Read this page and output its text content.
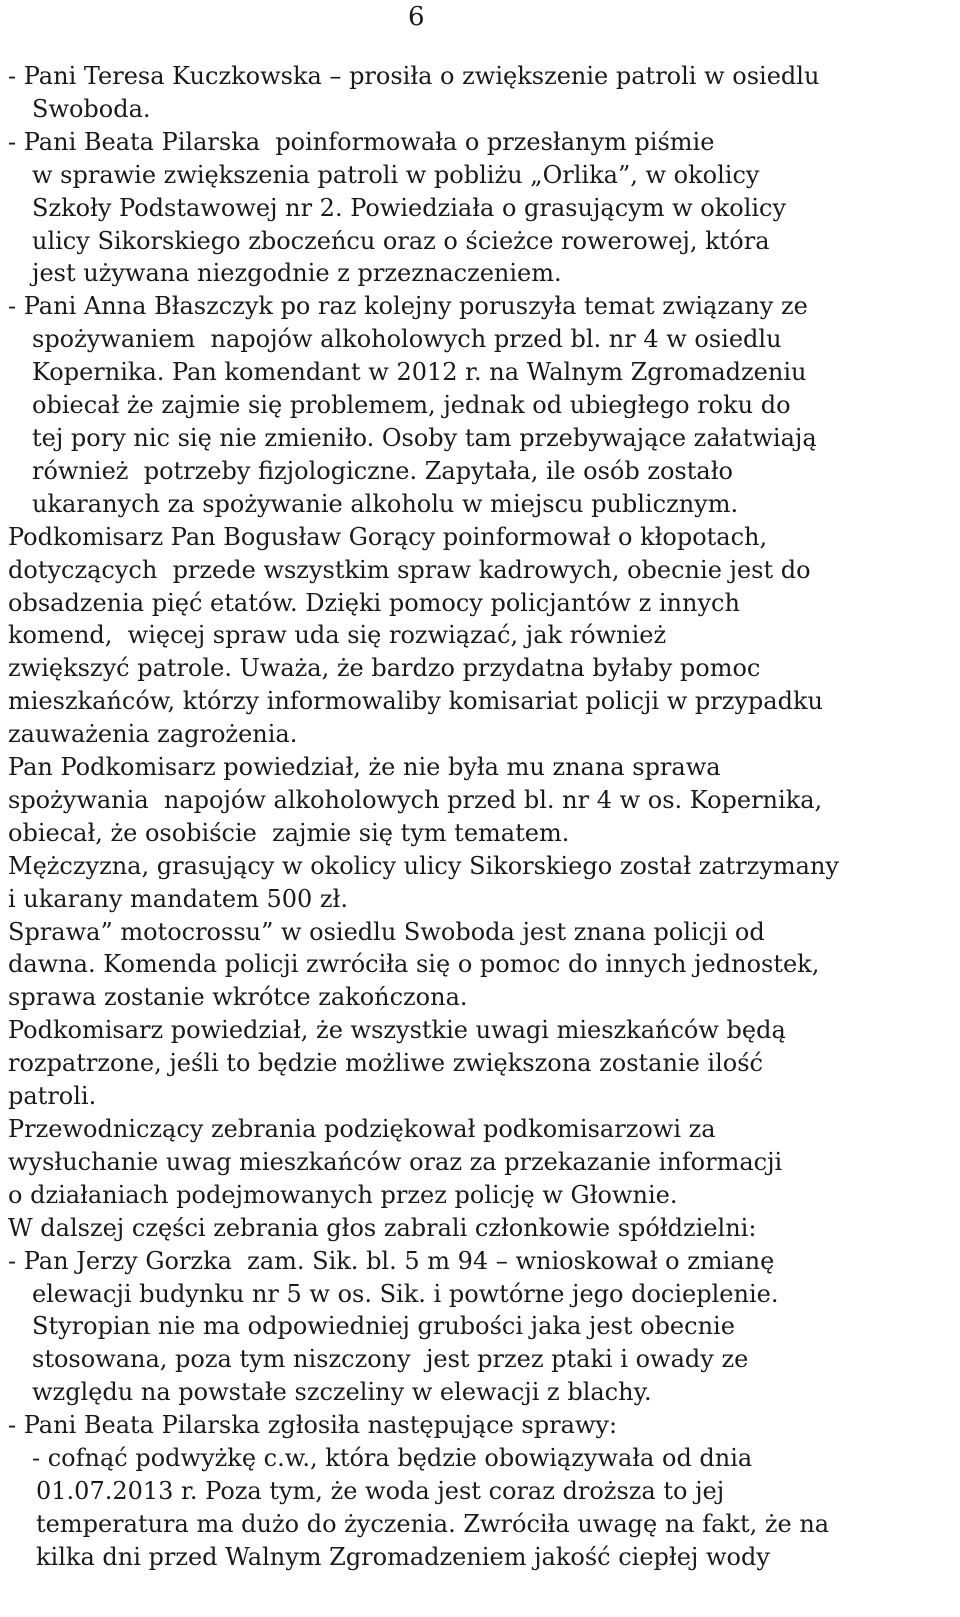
6
- Pani Teresa Kuczkowska – prosiła o zwiększenie patroli w osiedlu
Swoboda.
- Pani Beata Pilarska  poinformowała o przesłanym piśmie
w sprawie zwiększenia patroli w pobliżu „Orlika”, w okolicy
Szkoły Podstawowej nr 2. Powiedziała o grasującym w okolicy
ulicy Sikorskiego zboczeńcu oraz o ścieżce rowerowej, która
jest używana niezgodnie z przeznaczeniem.
- Pani Anna Błaszczyk po raz kolejny poruszyła temat związany ze
spożywaniem  napojów alkoholowych przed bl. nr 4 w osiedlu
Kopernika. Pan komendant w 2012 r. na Walnym Zgromadzeniu
obiecał że zajmie się problemem, jednak od ubiegłego roku do
tej pory nic się nie zmieniło. Osoby tam przebywające załatwiają
również  potrzeby fizjologiczne. Zapytała, ile osób zostało
ukaranych za spożywanie alkoholu w miejscu publicznym.
Podkomisarz Pan Bogusław Gorący poinformował o kłopotach,
dotyczących  przede wszystkim spraw kadrowych, obecnie jest do
obsadzenia pięć etatów. Dzięki pomocy policjantów z innych
komend,  więcej spraw uda się rozwiązać, jak również
zwiększyć patrole. Uważa, że bardzo przydatna byłaby pomoc
mieszkańców, którzy informowaliby komisariat policji w przypadku
zauważenia zagrożenia.
Pan Podkomisarz powiedział, że nie była mu znana sprawa
spożywania  napojów alkoholowych przed bl. nr 4 w os. Kopernika,
obiecał, że osobiście  zajmie się tym tematem.
Mężczyzna, grasujący w okolicy ulicy Sikorskiego został zatrzymany
i ukarany mandatem 500 zł.
Sprawa” motocrossu” w osiedlu Swoboda jest znana policji od
dawna. Komenda policji zwróciła się o pomoc do innych jednostek,
sprawa zostanie wkrótce zakończona.
Podkomisarz powiedział, że wszystkie uwagi mieszkańców będą
rozpatrzone, jeśli to będzie możliwe zwiększona zostanie ilość
patroli.
Przewodniczący zebrania podziękował podkomisarzowi za
wysłuchanie uwag mieszkańców oraz za przekazanie informacji
o działaniach podejmowanych przez policję w Głownie.
W dalszej części zebrania głos zabrali członkowie spółdzielni:
- Pan Jerzy Gorzka  zam. Sik. bl. 5 m 94 – wnioskował o zmianę
elewacji budynku nr 5 w os. Sik. i powtórne jego docieplenie.
Styropian nie ma odpowiedniej grubości jaka jest obecnie
stosowana, poza tym niszczony  jest przez ptaki i owady ze
względu na powstałe szczeliny w elewacji z blachy.
- Pani Beata Pilarska zgłosiła następujące sprawy:
- cofnąć podwyżkę c.w., która będzie obowiązywała od dnia
01.07.2013 r. Poza tym, że woda jest coraz droższa to jej
temperatura ma dużo do życzenia. Zwróciła uwagę na fakt, że na
kilka dni przed Walnym Zgromadzeniem jakość ciepłej wody
